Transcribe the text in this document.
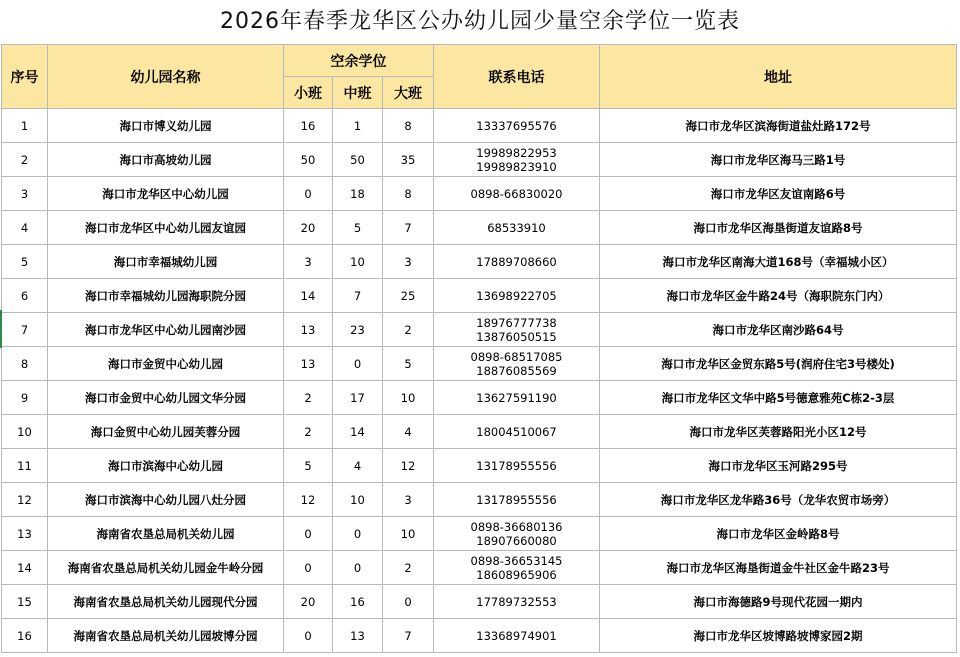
2026年春季龙华区公办幼儿园少量空余学位一览表
序号	幼儿园名称	空余学位			联系电话	地址
		小班	中班	大班		
1	海口市博义幼儿园	16	1	8	13337695576	海口市龙华区滨海街道盐灶路172号
2	海口市高坡幼儿园	50	50	35	19989822953
19989823910	海口市龙华区海马三路1号
3	海口市龙华区中心幼儿园	0	18	8	0898-66830020	海口市龙华区友谊南路6号
4	海口市龙华区中心幼儿园友谊园	20	5	7	68533910	海口市龙华区海垦街道友谊路8号
5	海口市幸福城幼儿园	3	10	3	17889708660	海口市龙华区南海大道168号（幸福城小区）
6	海口市幸福城幼儿园海职院分园	14	7	25	13698922705	海口市龙华区金牛路24号（海职院东门内）
7	海口市龙华区中心幼儿园南沙园	13	23	2	18976777738
13876050515	海口市龙华区南沙路64号
8	海口市金贸中心幼儿园	13	0	5	0898-68517085
18876085569	海口市龙华区金贸东路5号(润府住宅3号楼处)
9	海口市金贸中心幼儿园文华分园	2	17	10	13627591190	海口市龙华区文华中路5号德意雅苑C栋2-3层
10	海口金贸中心幼儿园芙蓉分园	2	14	4	18004510067	海口市龙华区芙蓉路阳光小区12号
11	海口市滨海中心幼儿园	5	4	12	13178955556	海口市龙华区玉河路295号
12	海口市滨海中心幼儿园八灶分园	12	10	3	13178955556	海口市龙华区龙华路36号（龙华农贸市场旁）
13	海南省农垦总局机关幼儿园	0	0	10	0898-36680136
18907660080	海口市龙华区金岭路8号
14	海南省农垦总局机关幼儿园金牛岭分园	0	0	2	0898-36653145
18608965906	海口市龙华区海垦街道金牛社区金牛路23号
15	海南省农垦总局机关幼儿园现代分园	20	16	0	17789732553	海口市海德路9号现代花园一期内
16	海南省农垦总局机关幼儿园坡博分园	0	13	7	13368974901	海口市龙华区坡博路坡博家园2期
